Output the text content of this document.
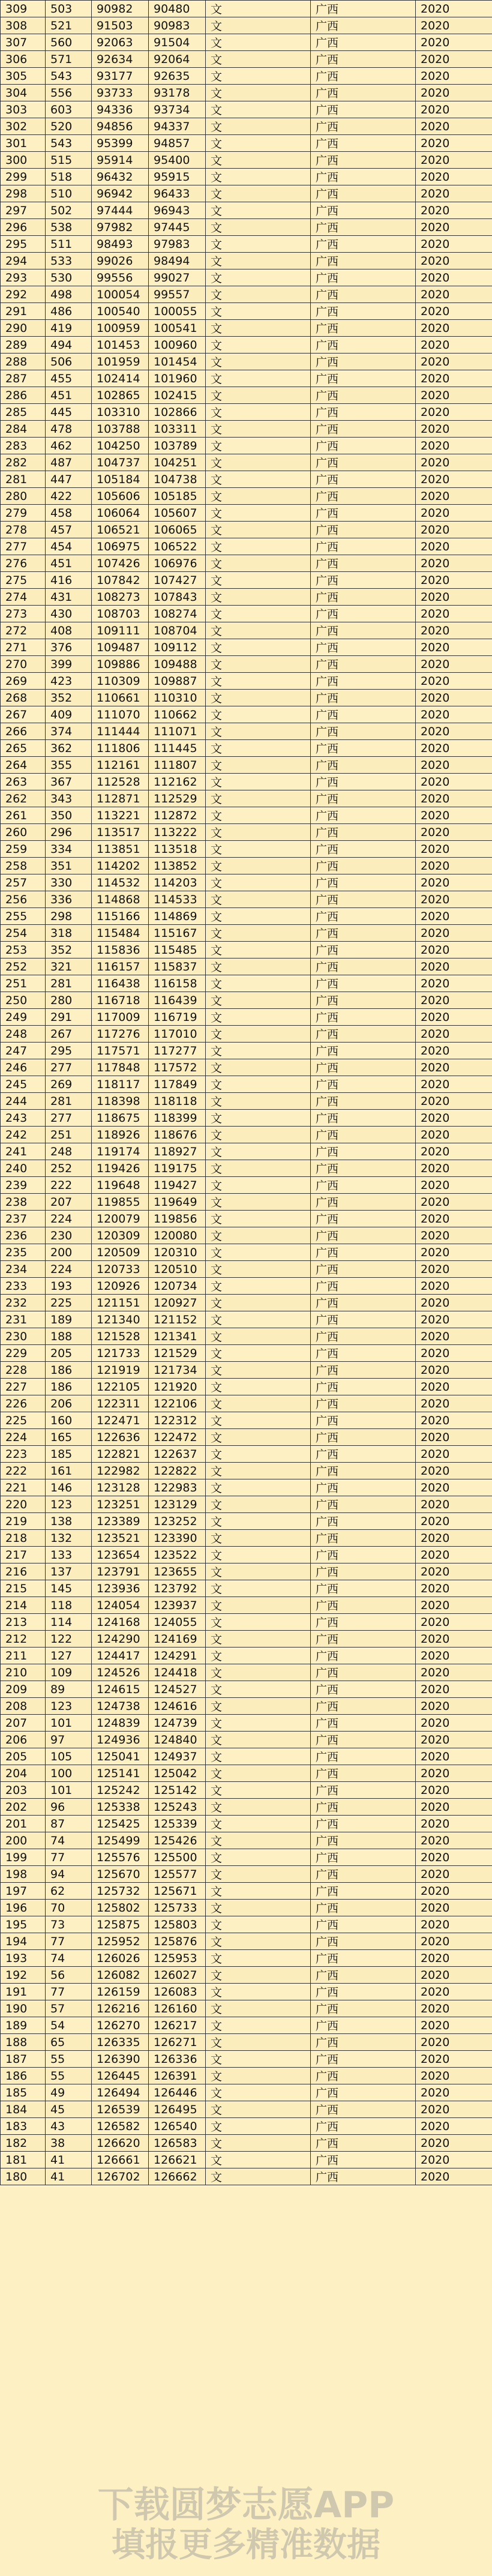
309	503	90982	90480	文	广西	2020
308	521	91503	90983	文	广西	2020
307	560	92063	91504	文	广西	2020
306	571	92634	92064	文	广西	2020
305	543	93177	92635	文	广西	2020
304	556	93733	93178	文	广西	2020
303	603	94336	93734	文	广西	2020
302	520	94856	94337	文	广西	2020
301	543	95399	94857	文	广西	2020
300	515	95914	95400	文	广西	2020
299	518	96432	95915	文	广西	2020
298	510	96942	96433	文	广西	2020
297	502	97444	96943	文	广西	2020
296	538	97982	97445	文	广西	2020
295	511	98493	97983	文	广西	2020
294	533	99026	98494	文	广西	2020
293	530	99556	99027	文	广西	2020
292	498	100054	99557	文	广西	2020
291	486	100540	100055	文	广西	2020
290	419	100959	100541	文	广西	2020
289	494	101453	100960	文	广西	2020
288	506	101959	101454	文	广西	2020
287	455	102414	101960	文	广西	2020
286	451	102865	102415	文	广西	2020
285	445	103310	102866	文	广西	2020
284	478	103788	103311	文	广西	2020
283	462	104250	103789	文	广西	2020
282	487	104737	104251	文	广西	2020
281	447	105184	104738	文	广西	2020
280	422	105606	105185	文	广西	2020
279	458	106064	105607	文	广西	2020
278	457	106521	106065	文	广西	2020
277	454	106975	106522	文	广西	2020
276	451	107426	106976	文	广西	2020
275	416	107842	107427	文	广西	2020
274	431	108273	107843	文	广西	2020
273	430	108703	108274	文	广西	2020
272	408	109111	108704	文	广西	2020
271	376	109487	109112	文	广西	2020
270	399	109886	109488	文	广西	2020
269	423	110309	109887	文	广西	2020
268	352	110661	110310	文	广西	2020
267	409	111070	110662	文	广西	2020
266	374	111444	111071	文	广西	2020
265	362	111806	111445	文	广西	2020
264	355	112161	111807	文	广西	2020
263	367	112528	112162	文	广西	2020
262	343	112871	112529	文	广西	2020
261	350	113221	112872	文	广西	2020
260	296	113517	113222	文	广西	2020
259	334	113851	113518	文	广西	2020
258	351	114202	113852	文	广西	2020
257	330	114532	114203	文	广西	2020
256	336	114868	114533	文	广西	2020
255	298	115166	114869	文	广西	2020
254	318	115484	115167	文	广西	2020
253	352	115836	115485	文	广西	2020
252	321	116157	115837	文	广西	2020
251	281	116438	116158	文	广西	2020
250	280	116718	116439	文	广西	2020
249	291	117009	116719	文	广西	2020
248	267	117276	117010	文	广西	2020
247	295	117571	117277	文	广西	2020
246	277	117848	117572	文	广西	2020
245	269	118117	117849	文	广西	2020
244	281	118398	118118	文	广西	2020
243	277	118675	118399	文	广西	2020
242	251	118926	118676	文	广西	2020
241	248	119174	118927	文	广西	2020
240	252	119426	119175	文	广西	2020
239	222	119648	119427	文	广西	2020
238	207	119855	119649	文	广西	2020
237	224	120079	119856	文	广西	2020
236	230	120309	120080	文	广西	2020
235	200	120509	120310	文	广西	2020
234	224	120733	120510	文	广西	2020
233	193	120926	120734	文	广西	2020
232	225	121151	120927	文	广西	2020
231	189	121340	121152	文	广西	2020
230	188	121528	121341	文	广西	2020
229	205	121733	121529	文	广西	2020
228	186	121919	121734	文	广西	2020
227	186	122105	121920	文	广西	2020
226	206	122311	122106	文	广西	2020
225	160	122471	122312	文	广西	2020
224	165	122636	122472	文	广西	2020
223	185	122821	122637	文	广西	2020
222	161	122982	122822	文	广西	2020
221	146	123128	122983	文	广西	2020
220	123	123251	123129	文	广西	2020
219	138	123389	123252	文	广西	2020
218	132	123521	123390	文	广西	2020
217	133	123654	123522	文	广西	2020
216	137	123791	123655	文	广西	2020
215	145	123936	123792	文	广西	2020
214	118	124054	123937	文	广西	2020
213	114	124168	124055	文	广西	2020
212	122	124290	124169	文	广西	2020
211	127	124417	124291	文	广西	2020
210	109	124526	124418	文	广西	2020
209	89	124615	124527	文	广西	2020
208	123	124738	124616	文	广西	2020
207	101	124839	124739	文	广西	2020
206	97	124936	124840	文	广西	2020
205	105	125041	124937	文	广西	2020
204	100	125141	125042	文	广西	2020
203	101	125242	125142	文	广西	2020
202	96	125338	125243	文	广西	2020
201	87	125425	125339	文	广西	2020
200	74	125499	125426	文	广西	2020
199	77	125576	125500	文	广西	2020
198	94	125670	125577	文	广西	2020
197	62	125732	125671	文	广西	2020
196	70	125802	125733	文	广西	2020
195	73	125875	125803	文	广西	2020
194	77	125952	125876	文	广西	2020
193	74	126026	125953	文	广西	2020
192	56	126082	126027	文	广西	2020
191	77	126159	126083	文	广西	2020
190	57	126216	126160	文	广西	2020
189	54	126270	126217	文	广西	2020
188	65	126335	126271	文	广西	2020
187	55	126390	126336	文	广西	2020
186	55	126445	126391	文	广西	2020
185	49	126494	126446	文	广西	2020
184	45	126539	126495	文	广西	2020
183	43	126582	126540	文	广西	2020
182	38	126620	126583	文	广西	2020
181	41	126661	126621	文	广西	2020
180	41	126702	126662	文	广西	2020
下载圆梦志愿APP
填报更多精准数据
